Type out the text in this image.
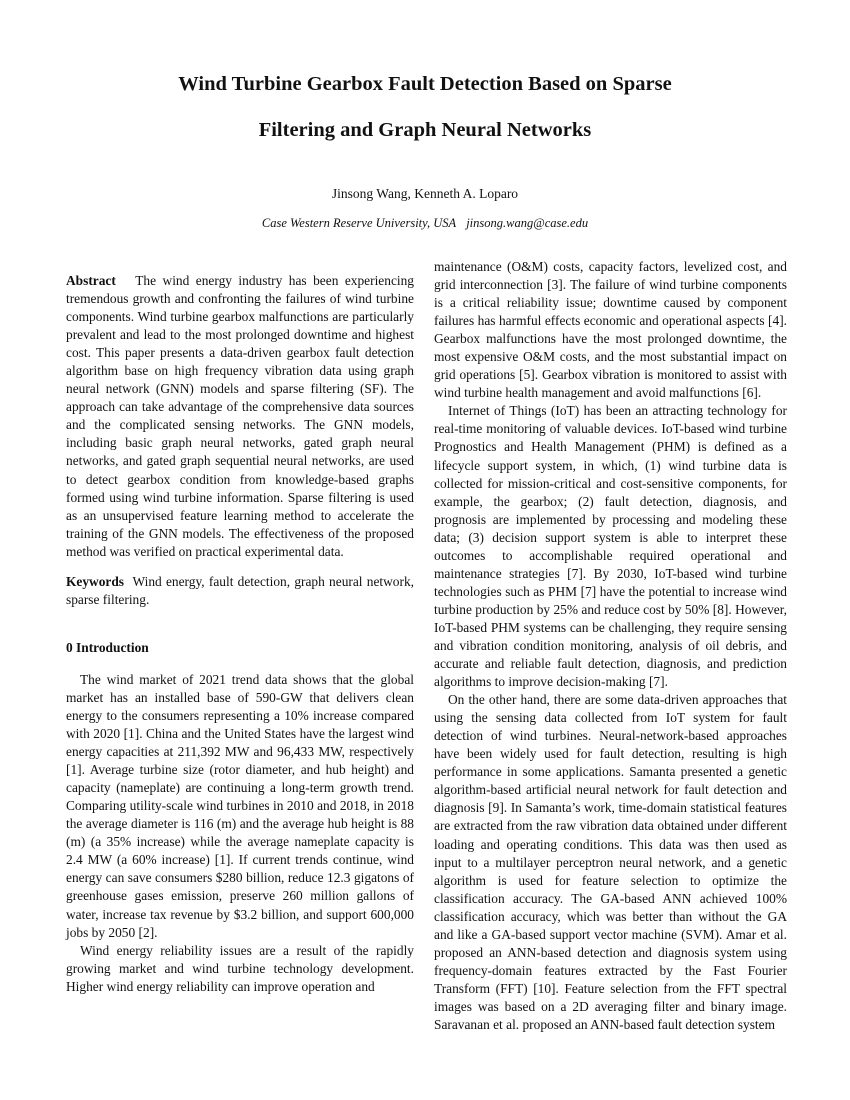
Wind Turbine Gearbox Fault Detection Based on Sparse
Filtering and Graph Neural Networks
Jinsong Wang, Kenneth A. Loparo
Case Western Reserve University, USA jinsong.wang@case.edu

Abstract The wind energy industry has been experiencing tremendous growth and confronting the failures of wind turbine components. Wind turbine gearbox malfunctions are particularly prevalent and lead to the most prolonged downtime and highest cost. This paper presents a data-driven gearbox fault detection algorithm base on high frequency vibration data using graph neural network (GNN) models and sparse filtering (SF). The approach can take advantage of the comprehensive data sources and the complicated sensing networks. The GNN models, including basic graph neural networks, gated graph neural networks, and gated graph sequential neural networks, are used to detect gearbox condition from knowledge-based graphs formed using wind turbine information. Sparse filtering is used as an unsupervised feature learning method to accelerate the training of the GNN models. The effectiveness of the proposed method was verified on practical experimental data.

Keywords Wind energy, fault detection, graph neural network, sparse filtering.

0 Introduction

The wind market of 2021 trend data shows that the global market has an installed base of 590-GW that delivers clean energy to the consumers representing a 10% increase compared with 2020 [1]. China and the United States have the largest wind energy capacities at 211,392 MW and 96,433 MW, respectively [1]. Average turbine size (rotor diameter, and hub height) and capacity (nameplate) are continuing a long-term growth trend. Comparing utility-scale wind turbines in 2010 and 2018, in 2018 the average diameter is 116 (m) and the average hub height is 88 (m) (a 35% increase) while the average nameplate capacity is 2.4 MW (a 60% increase) [1]. If current trends continue, wind energy can save consumers $280 billion, reduce 12.3 gigatons of greenhouse gases emission, preserve 260 million gallons of water, increase tax revenue by $3.2 billion, and support 600,000 jobs by 2050 [2].

Wind energy reliability issues are a result of the rapidly growing market and wind turbine technology development. Higher wind energy reliability can improve operation and

maintenance (O&M) costs, capacity factors, levelized cost, and grid interconnection [3]. The failure of wind turbine components is a critical reliability issue; downtime caused by component failures has harmful effects economic and operational aspects [4]. Gearbox malfunctions have the most prolonged downtime, the most expensive O&M costs, and the most substantial impact on grid operations [5]. Gearbox vibration is monitored to assist with wind turbine health management and avoid malfunctions [6].

Internet of Things (IoT) has been an attracting technology for real-time monitoring of valuable devices. IoT-based wind turbine Prognostics and Health Management (PHM) is defined as a lifecycle support system, in which, (1) wind turbine data is collected for mission-critical and cost-sensitive components, for example, the gearbox; (2) fault detection, diagnosis, and prognosis are implemented by processing and modeling these data; (3) decision support system is able to interpret these outcomes to accomplishable required operational and maintenance strategies [7]. By 2030, IoT-based wind turbine technologies such as PHM [7] have the potential to increase wind turbine production by 25% and reduce cost by 50% [8]. However, IoT-based PHM systems can be challenging, they require sensing and vibration condition monitoring, analysis of oil debris, and accurate and reliable fault detection, diagnosis, and prediction algorithms to improve decision-making [7].

On the other hand, there are some data-driven approaches that using the sensing data collected from IoT system for fault detection of wind turbines. Neural-network-based approaches have been widely used for fault detection, resulting is high performance in some applications. Samanta presented a genetic algorithm-based artificial neural network for fault detection and diagnosis [9]. In Samanta’s work, time-domain statistical features are extracted from the raw vibration data obtained under different loading and operating conditions. This data was then used as input to a multilayer perceptron neural network, and a genetic algorithm is used for feature selection to optimize the classification accuracy. The GA-based ANN achieved 100% classification accuracy, which was better than without the GA and like a GA-based support vector machine (SVM). Amar et al. proposed an ANN-based detection and diagnosis system using frequency-domain features extracted by the Fast Fourier Transform (FFT) [10]. Feature selection from the FFT spectral images was based on a 2D averaging filter and binary image. Saravanan et al. proposed an ANN-based fault detection system
